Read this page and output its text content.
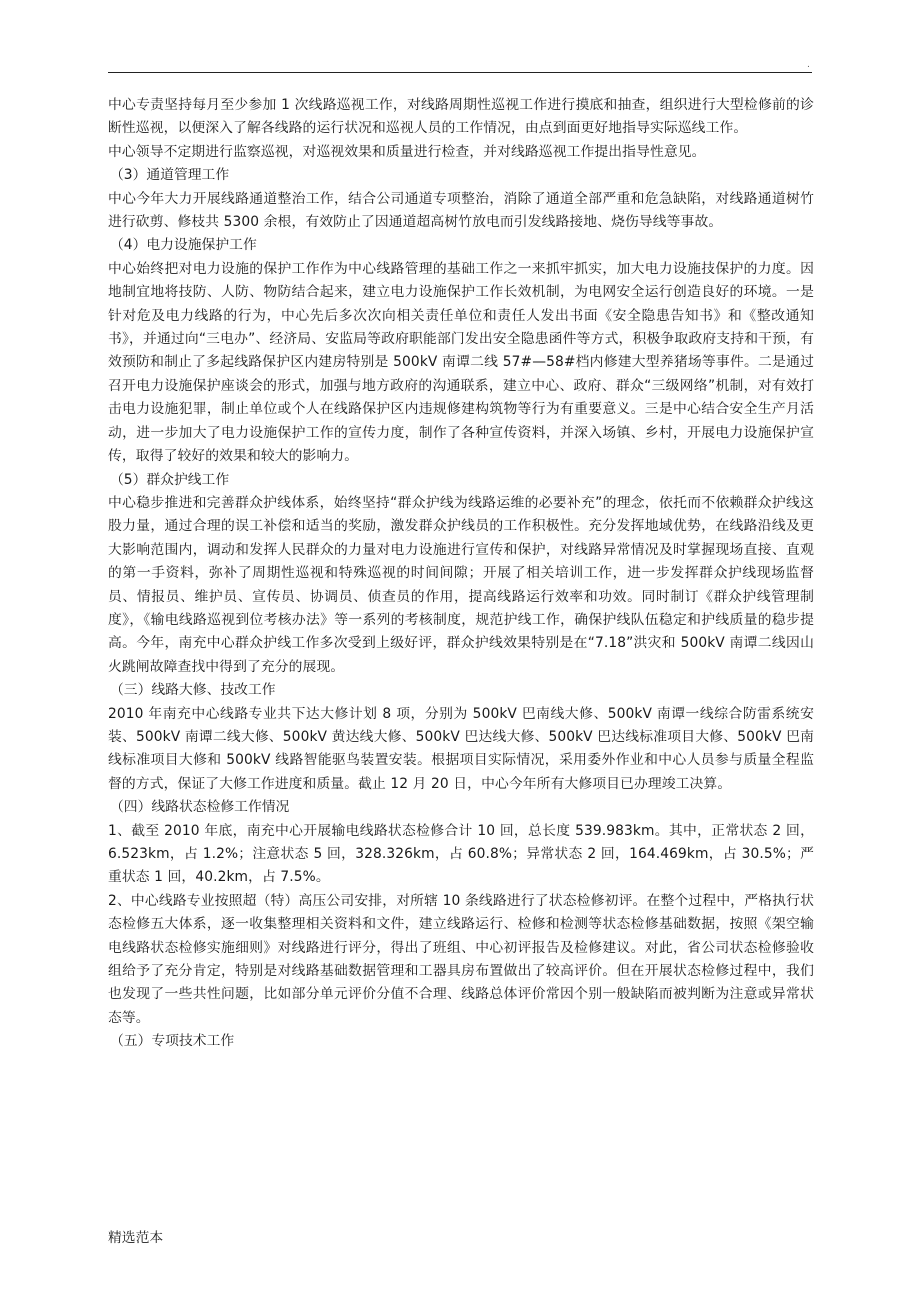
.

中心专责坚持每月至少参加 1 次线路巡视工作，对线路周期性巡视工作进行摸底和抽查，组织进行大型检修前的诊断性巡视，以便深入了解各线路的运行状况和巡视人员的工作情况，由点到面更好地指导实际巡线工作。

中心领导不定期进行监察巡视，对巡视效果和质量进行检查，并对线路巡视工作提出指导性意见。

（3）通道管理工作

中心今年大力开展线路通道整治工作，结合公司通道专项整治，消除了通道全部严重和危急缺陷，对线路通道树竹进行砍剪、修枝共 5300 余根，有效防止了因通道超高树竹放电而引发线路接地、烧伤导线等事故。

（4）电力设施保护工作

中心始终把对电力设施的保护工作作为中心线路管理的基础工作之一来抓牢抓实，加大电力设施技保护的力度。因地制宜地将技防、人防、物防结合起来，建立电力设施保护工作长效机制，为电网安全运行创造良好的环境。一是针对危及电力线路的行为，中心先后多次次向相关责任单位和责任人发出书面《安全隐患告知书》和《整改通知书》，并通过向“三电办”、经济局、安监局等政府职能部门发出安全隐患函件等方式，积极争取政府支持和干预，有效预防和制止了多起线路保护区内建房特别是 500kV 南谭二线 57#—58#档内修建大型养猪场等事件。二是通过召开电力设施保护座谈会的形式，加强与地方政府的沟通联系，建立中心、政府、群众“三级网络”机制，对有效打击电力设施犯罪，制止单位或个人在线路保护区内违规修建构筑物等行为有重要意义。三是中心结合安全生产月活动，进一步加大了电力设施保护工作的宣传力度，制作了各种宣传资料，并深入场镇、乡村，开展电力设施保护宣传，取得了较好的效果和较大的影响力。

（5）群众护线工作

中心稳步推进和完善群众护线体系，始终坚持“群众护线为线路运维的必要补充”的理念，依托而不依赖群众护线这股力量，通过合理的误工补偿和适当的奖励，激发群众护线员的工作积极性。充分发挥地域优势，在线路沿线及更大影响范围内，调动和发挥人民群众的力量对电力设施进行宣传和保护，对线路异常情况及时掌握现场直接、直观的第一手资料，弥补了周期性巡视和特殊巡视的时间间隙；开展了相关培训工作，进一步发挥群众护线现场监督员、情报员、维护员、宣传员、协调员、侦查员的作用，提高线路运行效率和功效。同时制订《群众护线管理制度》，《输电线路巡视到位考核办法》等一系列的考核制度，规范护线工作，确保护线队伍稳定和护线质量的稳步提高。今年，南充中心群众护线工作多次受到上级好评，群众护线效果特别是在“7.18”洪灾和 500kV 南谭二线因山火跳闸故障查找中得到了充分的展现。

（三）线路大修、技改工作

2010 年南充中心线路专业共下达大修计划 8 项，分别为 500kV 巴南线大修、500kV 南谭一线综合防雷系统安装、500kV 南谭二线大修、500kV 黄达线大修、500kV 巴达线大修、500kV 巴达线标准项目大修、500kV 巴南线标准项目大修和 500kV 线路智能驱鸟装置安装。根据项目实际情况，采用委外作业和中心人员参与质量全程监督的方式，保证了大修工作进度和质量。截止 12 月 20 日，中心今年所有大修项目已办理竣工决算。

（四）线路状态检修工作情况

1、截至 2010 年底，南充中心开展输电线路状态检修合计 10 回，总长度 539.983km。其中，正常状态 2 回，6.523km，占 1.2%；注意状态 5 回，328.326km，占 60.8%；异常状态 2 回，164.469km，占 30.5%；严重状态 1 回，40.2km，占 7.5%。

2、中心线路专业按照超（特）高压公司安排，对所辖 10 条线路进行了状态检修初评。在整个过程中，严格执行状态检修五大体系，逐一收集整理相关资料和文件，建立线路运行、检修和检测等状态检修基础数据，按照《架空输电线路状态检修实施细则》对线路进行评分，得出了班组、中心初评报告及检修建议。对此，省公司状态检修验收组给予了充分肯定，特别是对线路基础数据管理和工器具房布置做出了较高评价。但在开展状态检修过程中，我们也发现了一些共性问题，比如部分单元评价分值不合理、线路总体评价常因个别一般缺陷而被判断为注意或异常状态等。

（五）专项技术工作

精选范本
